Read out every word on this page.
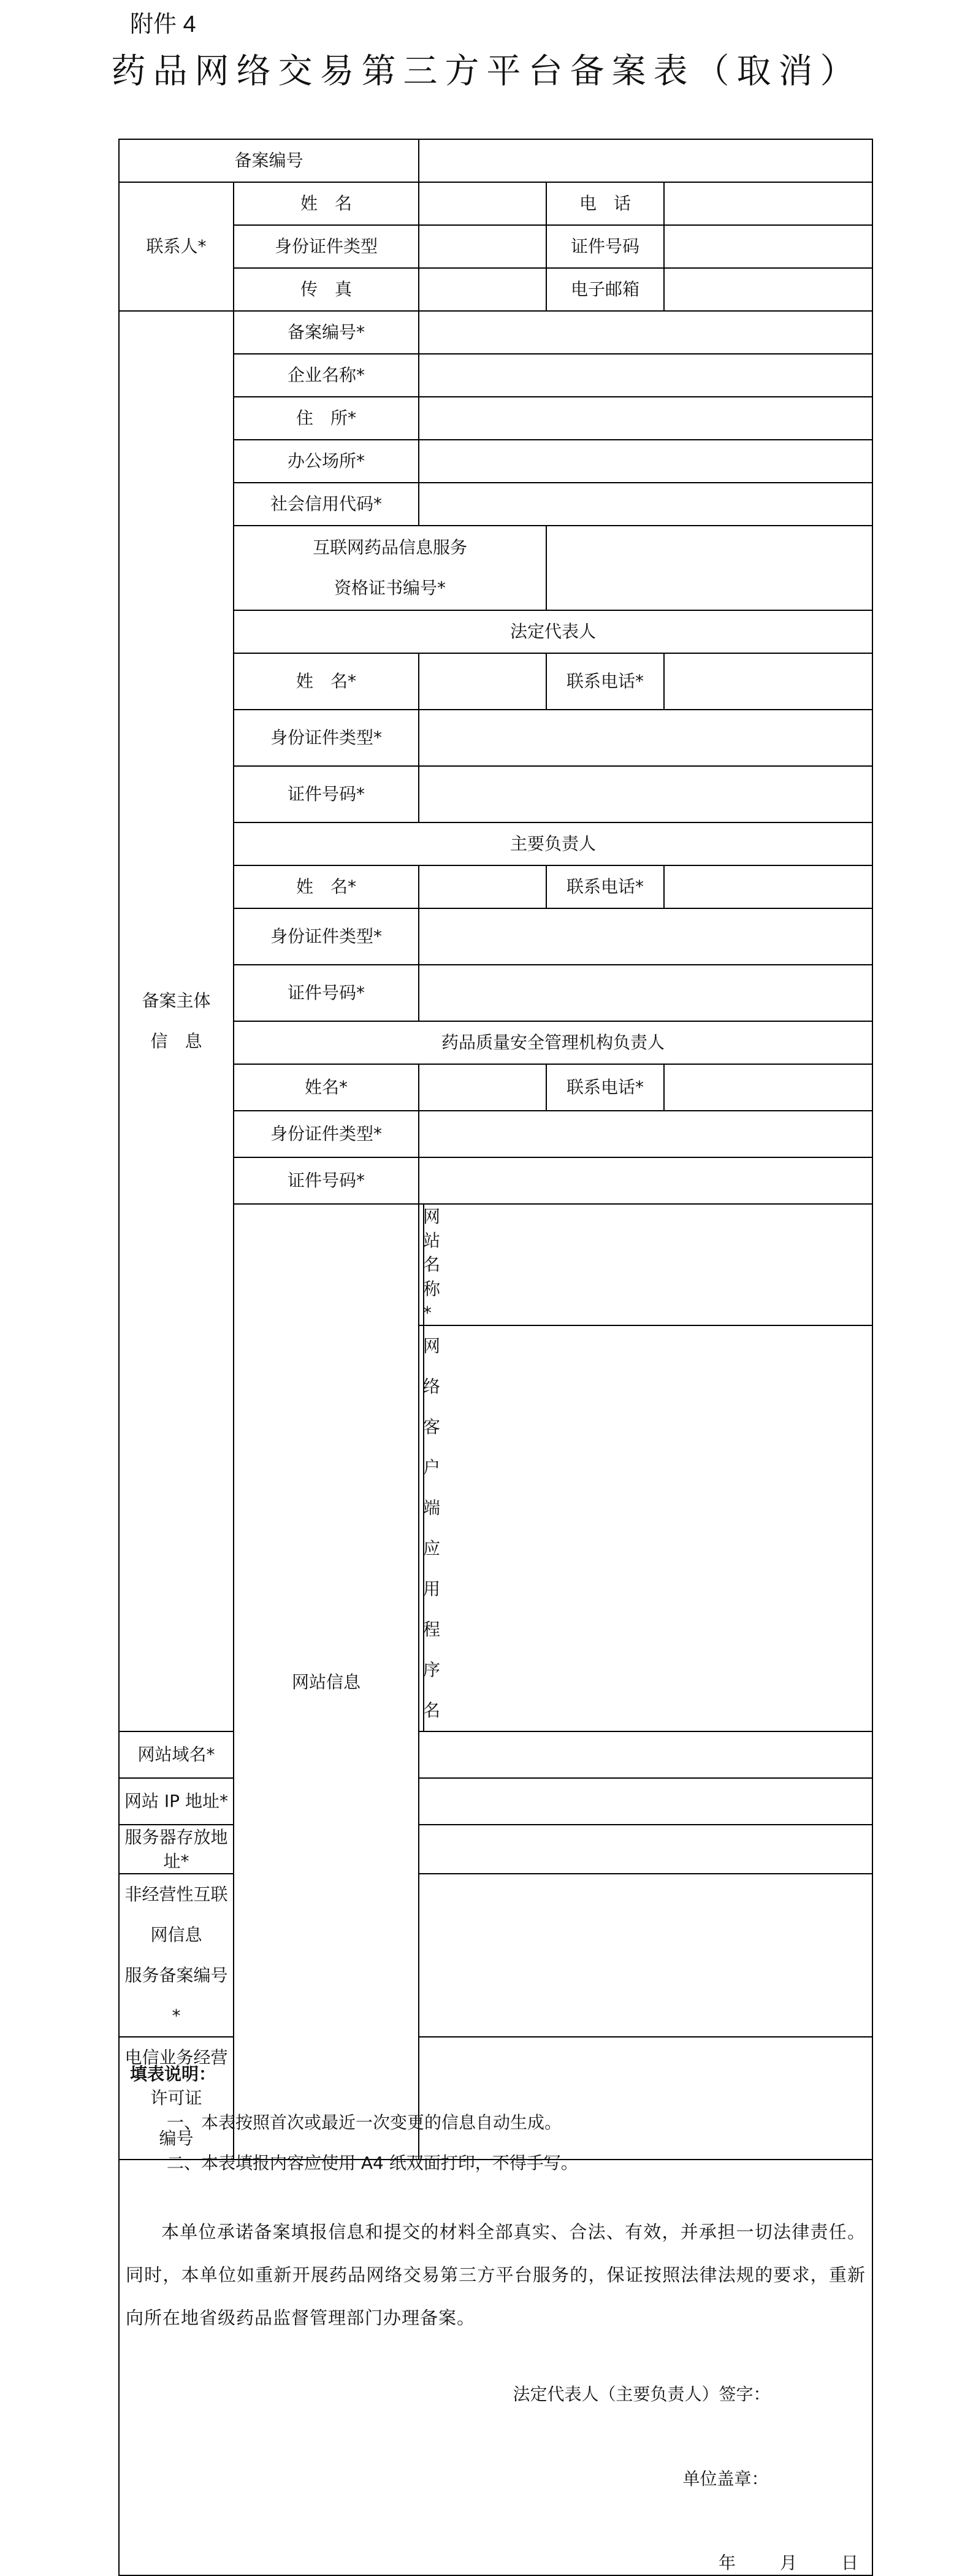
附件 4
药品网络交易第三方平台备案表（取消）
备案编号					
联系人*	姓　名			电　话	
	身份证件类型			证件号码	
	传　真			电子邮箱	

备案主体
信　息	备案编号*				
	企业名称*				
	住　所*				
	办公场所*				
	社会信用代码*				

	互联网药品信息服务
资格证书编号*				

	法定代表人				
	姓　名*			联系电话*	
	身份证件类型*				
	证件号码*				
	主要负责人				
	姓　名*			联系电话*	
	身份证件类型*				
	证件号码*				
	药品质量安全管理机构负责人				
	姓名*			联系电话*	
	身份证件类型*				
	证件号码*				
	网站信息	网站名称*			

		网络客户端
应用程序名			

网站域名*					
网站 IP 地址*					
服务器存放地址*					

非经营性互联网信息
服务备案编号*					

电信业务经营许可证
编号					

本单位承诺备案填报信息和提交的材料全部真实、合法、有效，并承担一切法律责任。同时，本单位如重新开展药品网络交易第三方平台服务的，保证按照法律法规的要求，重新向所在地省级药品监督管理部门办理备案。
法定代表人（主要负责人）签字：
单位盖章：
年 月 日					
填表说明：
一、本表按照首次或最近一次变更的信息自动生成。
二、本表填报内容应使用 A4 纸双面打印，不得手写。
